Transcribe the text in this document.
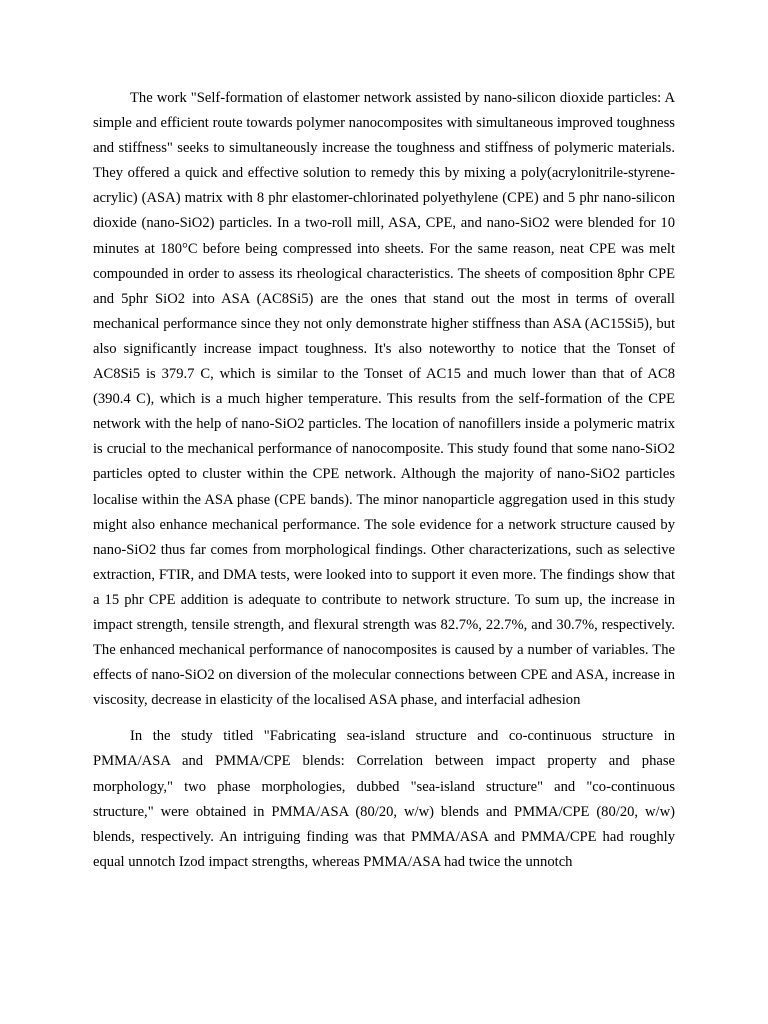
The work "Self-formation of elastomer network assisted by nano-silicon dioxide particles: A simple and efficient route towards polymer nanocomposites with simultaneous improved toughness and stiffness" seeks to simultaneously increase the toughness and stiffness of polymeric materials. They offered a quick and effective solution to remedy this by mixing a poly(acrylonitrile-styrene-acrylic) (ASA) matrix with 8 phr elastomer-chlorinated polyethylene (CPE) and 5 phr nano-silicon dioxide (nano-SiO2) particles. In a two-roll mill, ASA, CPE, and nano-SiO2 were blended for 10 minutes at 180°C before being compressed into sheets. For the same reason, neat CPE was melt compounded in order to assess its rheological characteristics. The sheets of composition 8phr CPE and 5phr SiO2 into ASA (AC8Si5) are the ones that stand out the most in terms of overall mechanical performance since they not only demonstrate higher stiffness than ASA (AC15Si5), but also significantly increase impact toughness. It's also noteworthy to notice that the Tonset of AC8Si5 is 379.7 C, which is similar to the Tonset of AC15 and much lower than that of AC8 (390.4 C), which is a much higher temperature. This results from the self-formation of the CPE network with the help of nano-SiO2 particles. The location of nanofillers inside a polymeric matrix is crucial to the mechanical performance of nanocomposite. This study found that some nano-SiO2 particles opted to cluster within the CPE network. Although the majority of nano-SiO2 particles localise within the ASA phase (CPE bands). The minor nanoparticle aggregation used in this study might also enhance mechanical performance. The sole evidence for a network structure caused by nano-SiO2 thus far comes from morphological findings. Other characterizations, such as selective extraction, FTIR, and DMA tests, were looked into to support it even more. The findings show that a 15 phr CPE addition is adequate to contribute to network structure. To sum up, the increase in impact strength, tensile strength, and flexural strength was 82.7%, 22.7%, and 30.7%, respectively. The enhanced mechanical performance of nanocomposites is caused by a number of variables. The effects of nano-SiO2 on diversion of the molecular connections between CPE and ASA, increase in viscosity, decrease in elasticity of the localised ASA phase, and interfacial adhesion

In the study titled "Fabricating sea-island structure and co-continuous structure in PMMA/ASA and PMMA/CPE blends: Correlation between impact property and phase morphology," two phase morphologies, dubbed "sea-island structure" and "co-continuous structure," were obtained in PMMA/ASA (80/20, w/w) blends and PMMA/CPE (80/20, w/w) blends, respectively. An intriguing finding was that PMMA/ASA and PMMA/CPE had roughly equal unnotch Izod impact strengths, whereas PMMA/ASA had twice the unnotch
